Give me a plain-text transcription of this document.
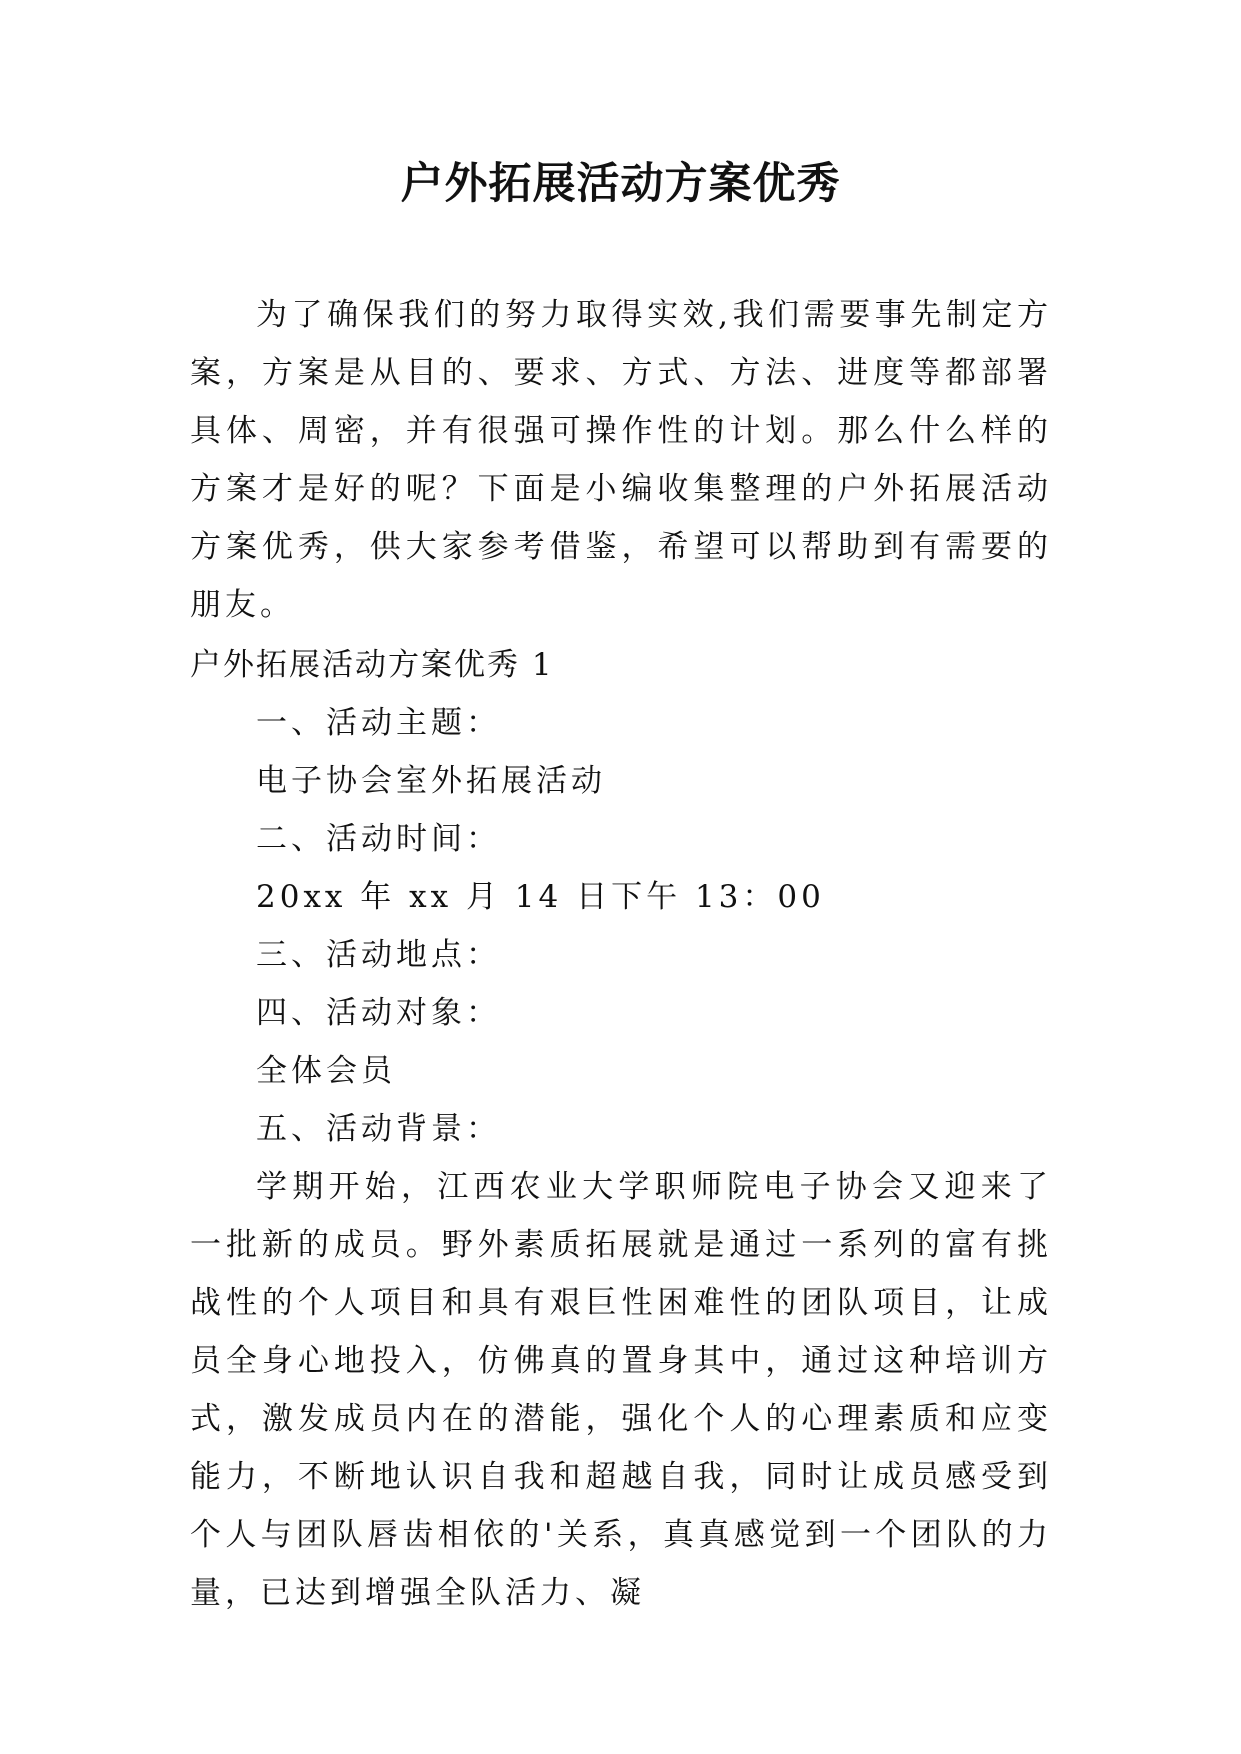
户外拓展活动方案优秀
为了确保我们的努力取得实效,我们需要事先制定方案，方案是从目的、要求、方式、方法、进度等都部署具体、周密，并有很强可操作性的计划。那么什么样的方案才是好的呢？下面是小编收集整理的户外拓展活动方案优秀，供大家参考借鉴，希望可以帮助到有需要的朋友。
户外拓展活动方案优秀 1
一、活动主题：
电子协会室外拓展活动
二、活动时间：
20xx 年 xx 月 14 日下午 13：00
三、活动地点：
四、活动对象：
全体会员
五、活动背景：
学期开始，江西农业大学职师院电子协会又迎来了一批新的成员。野外素质拓展就是通过一系列的富有挑战性的个人项目和具有艰巨性困难性的团队项目，让成员全身心地投入，仿佛真的置身其中，通过这种培训方式，激发成员内在的潜能，强化个人的心理素质和应变能力，不断地认识自我和超越自我，同时让成员感受到个人与团队唇齿相依的'关系，真真感觉到一个团队的力量，已达到增强全队活力、凝
